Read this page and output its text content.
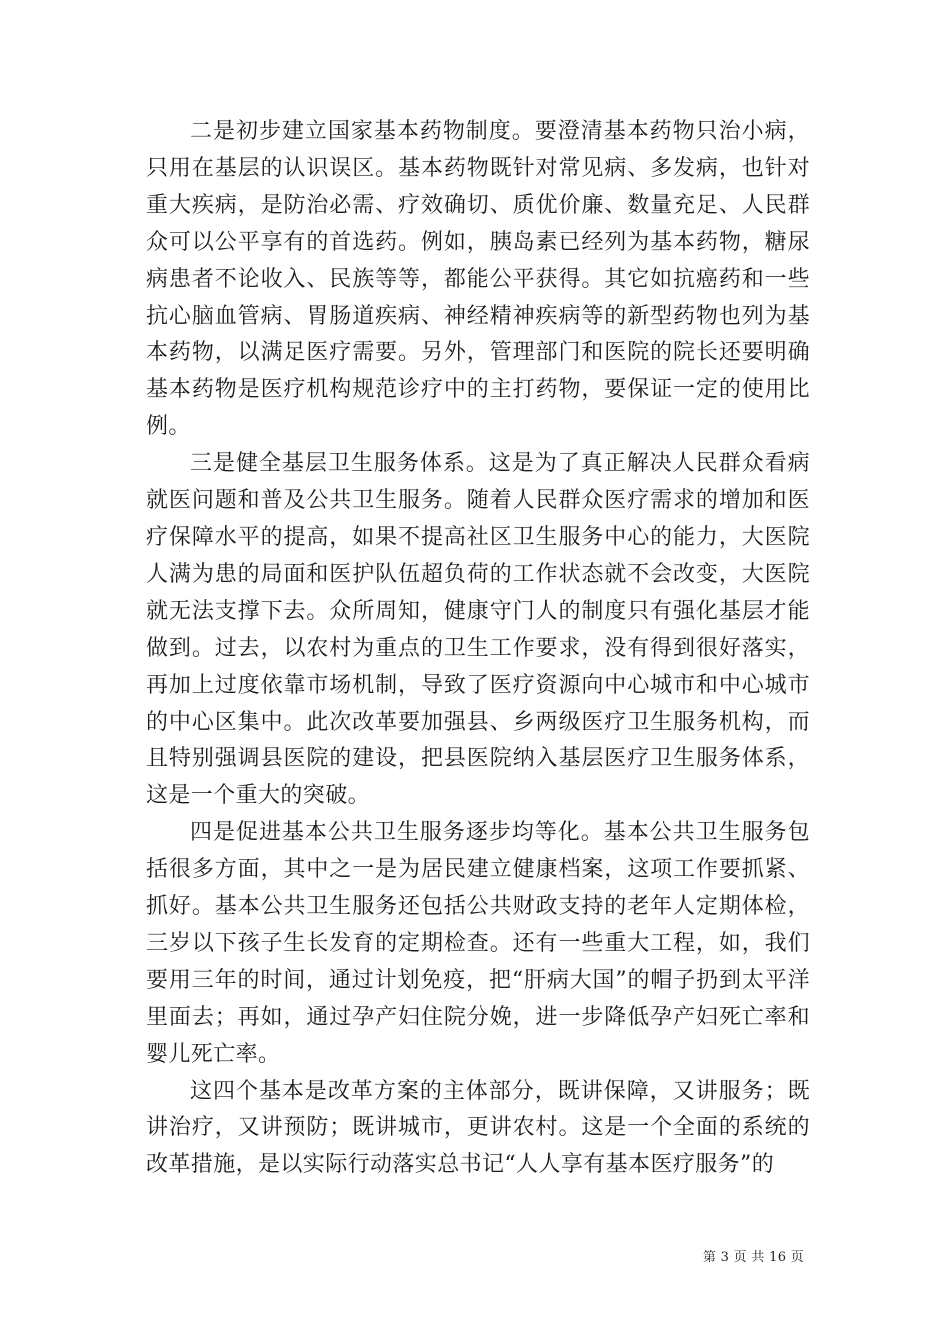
二是初步建立国家基本药物制度。要澄清基本药物只治小病，只用在基层的认识误区。基本药物既针对常见病、多发病，也针对重大疾病，是防治必需、疗效确切、质优价廉、数量充足、人民群众可以公平享有的首选药。例如，胰岛素已经列为基本药物，糖尿病患者不论收入、民族等等，都能公平获得。其它如抗癌药和一些抗心脑血管病、胃肠道疾病、神经精神疾病等的新型药物也列为基本药物，以满足医疗需要。另外，管理部门和医院的院长还要明确基本药物是医疗机构规范诊疗中的主打药物，要保证一定的使用比例。

三是健全基层卫生服务体系。这是为了真正解决人民群众看病就医问题和普及公共卫生服务。随着人民群众医疗需求的增加和医疗保障水平的提高，如果不提高社区卫生服务中心的能力，大医院人满为患的局面和医护队伍超负荷的工作状态就不会改变，大医院就无法支撑下去。众所周知，健康守门人的制度只有强化基层才能做到。过去，以农村为重点的卫生工作要求，没有得到很好落实，再加上过度依靠市场机制，导致了医疗资源向中心城市和中心城市的中心区集中。此次改革要加强县、乡两级医疗卫生服务机构，而且特别强调县医院的建设，把县医院纳入基层医疗卫生服务体系，这是一个重大的突破。

四是促进基本公共卫生服务逐步均等化。基本公共卫生服务包括很多方面，其中之一是为居民建立健康档案，这项工作要抓紧、抓好。基本公共卫生服务还包括公共财政支持的老年人定期体检，三岁以下孩子生长发育的定期检查。还有一些重大工程，如，我们要用三年的时间，通过计划免疫，把“肝病大国”的帽子扔到太平洋里面去；再如，通过孕产妇住院分娩，进一步降低孕产妇死亡率和婴儿死亡率。

这四个基本是改革方案的主体部分，既讲保障，又讲服务；既讲治疗，又讲预防；既讲城市，更讲农村。这是一个全面的系统的改革措施，是以实际行动落实总书记“人人享有基本医疗服务”的

第 3 页 共 16 页
